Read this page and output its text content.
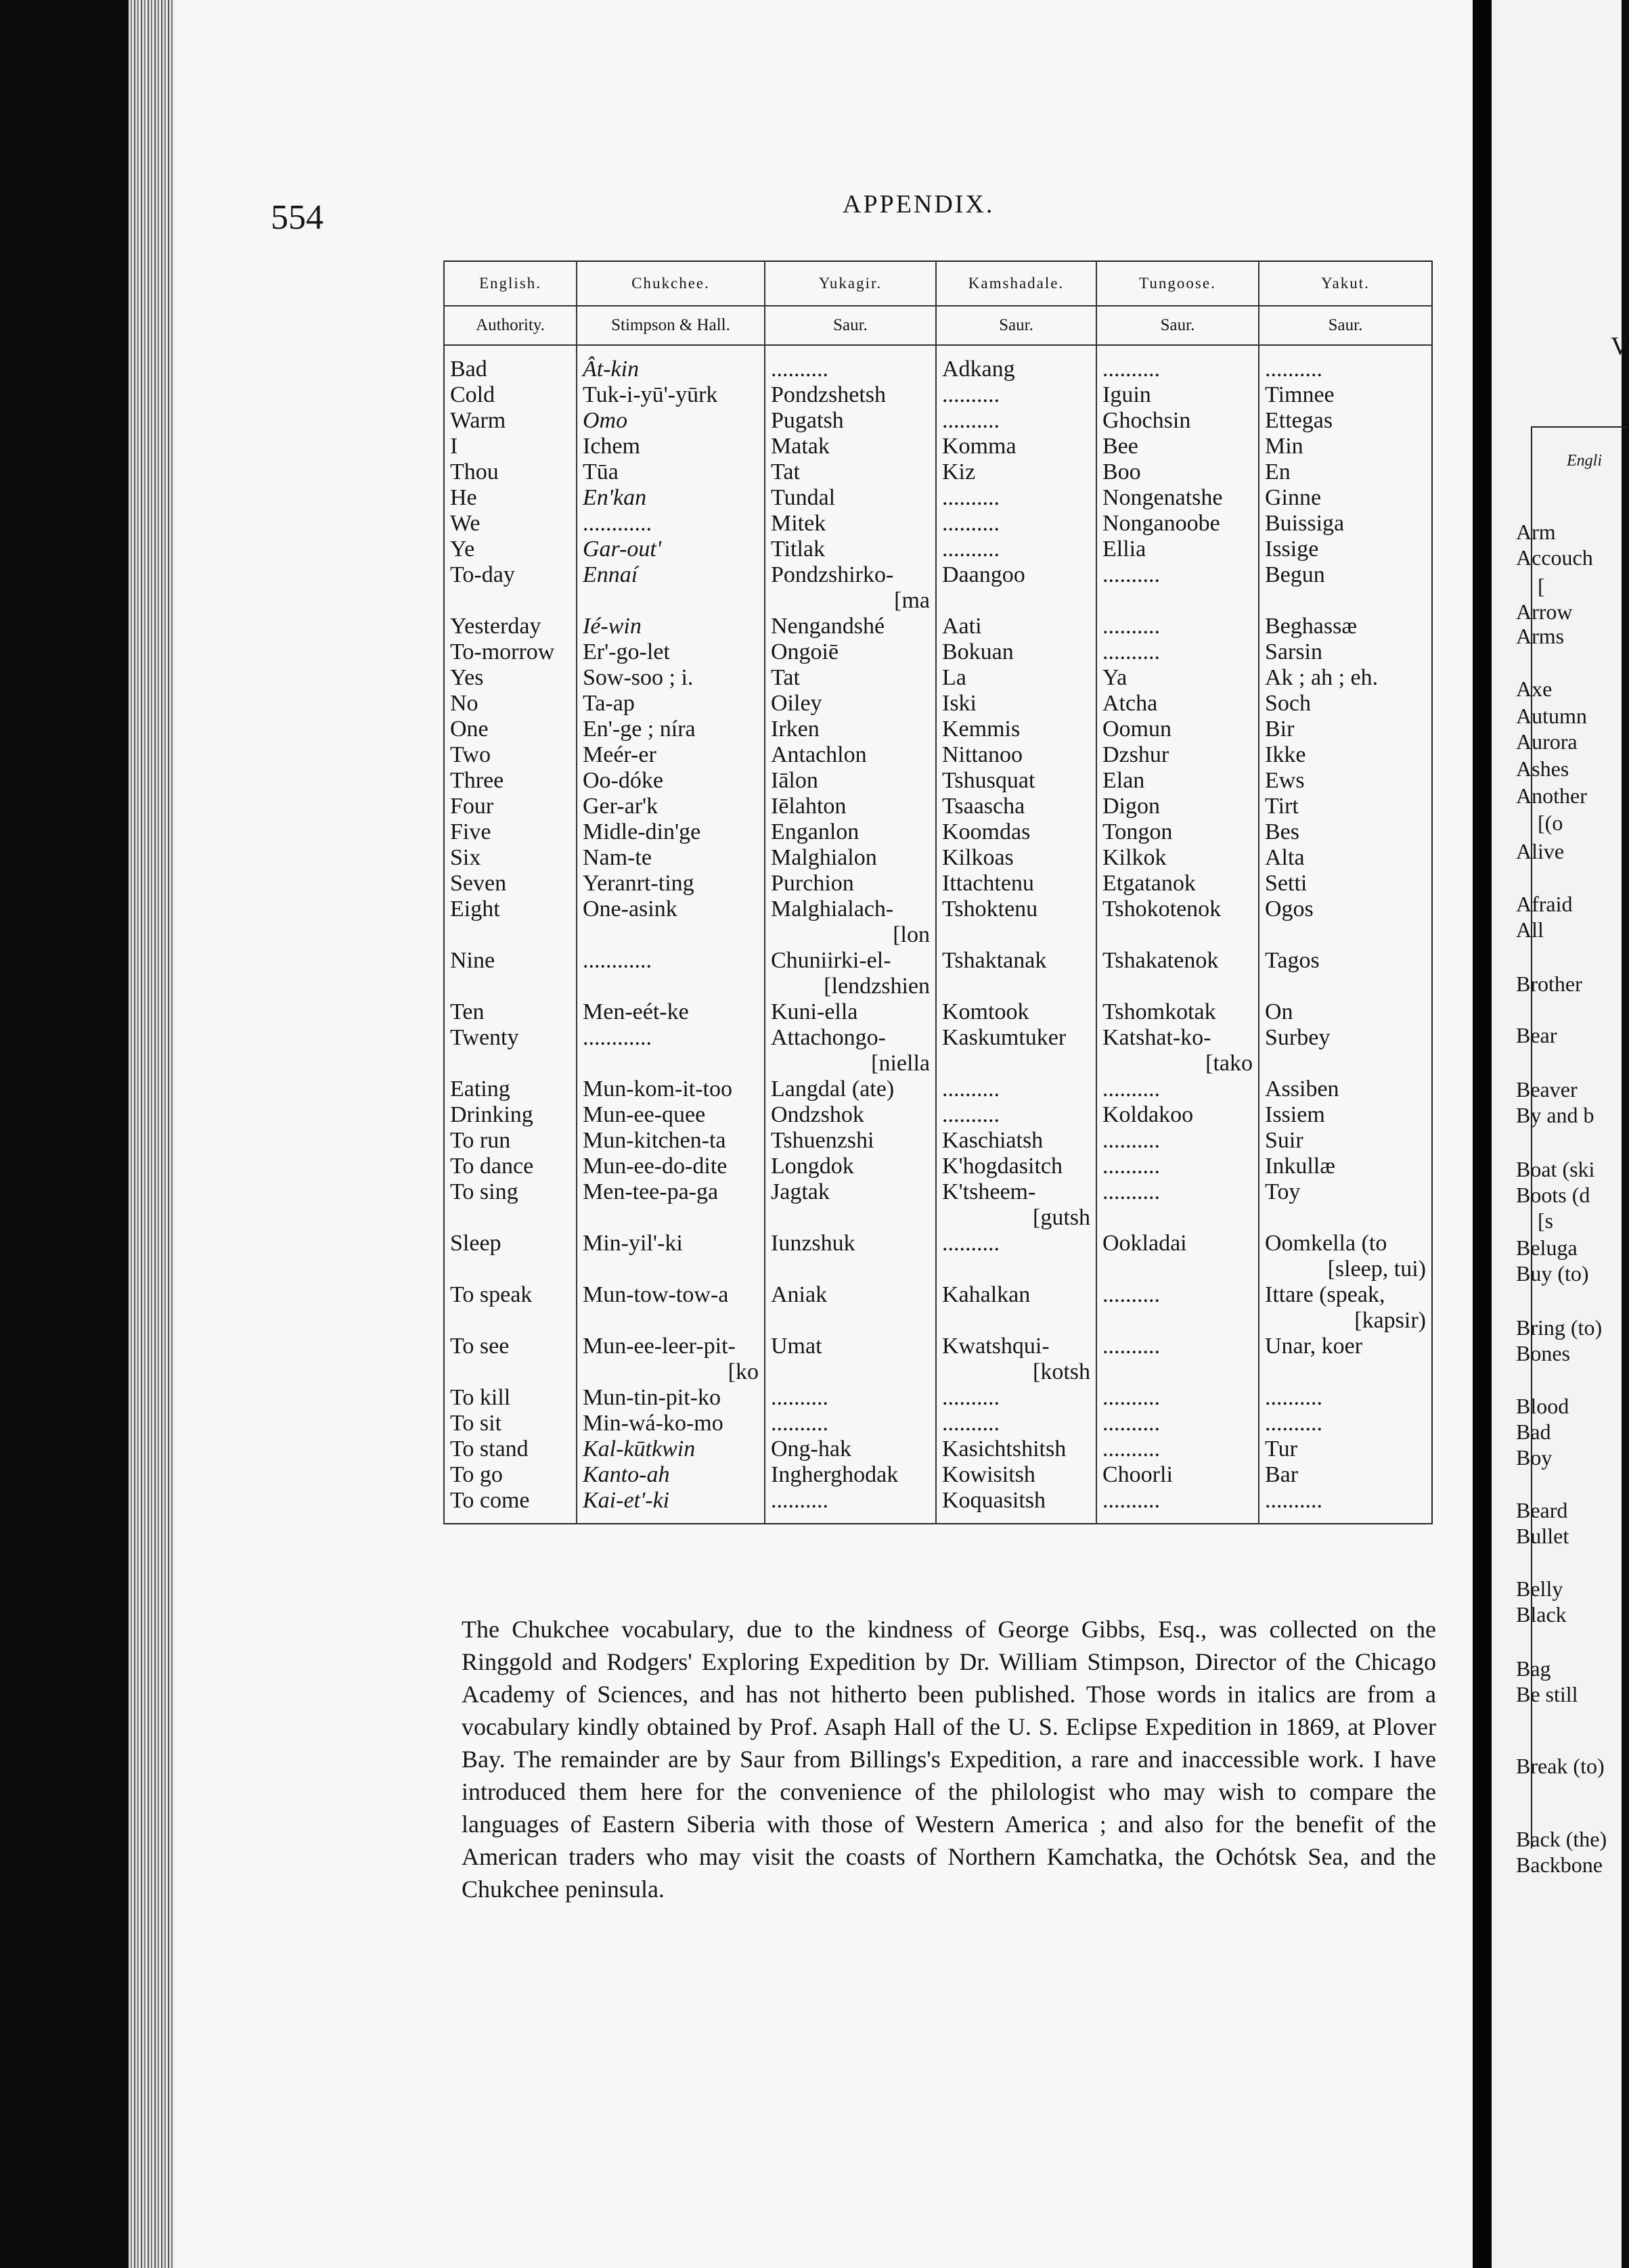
554	APPENDIX.
English.	Chukchee.	Yukagir.	Kamshadale.	Tungoose.	Yakut.
Authority.	Stimpson & Hall.	Saur.	Saur.	Saur.	Saur.
Bad	Ât-kin	..........	Adkang	..........	..........
Cold	Tuk-i-yū'-yūrk	Pondzshetsh	..........	Iguin	Timnee
Warm	Omo	Pugatsh	..........	Ghochsin	Ettegas
I	Ichem	Matak	Komma	Bee	Min
Thou	Tūa	Tat	Kiz	Boo	En
He	En'kan	Tundal	..........	Nongenatshe	Ginne
We	............	Mitek	..........	Nonganoobe	Buissiga
Ye	Gar-out'	Titlak	..........	Ellia	Issige
To-day	Ennaí	Pondzshirko-	Daangoo	..........	Begun
		[ma			
Yesterday	Ié-win	Nengandshé	Aati	..........	Beghassæ
To-morrow	Er'-go-let	Ongoiē	Bokuan	..........	Sarsin
Yes	Sow-soo ; i.	Tat	La	Ya	Ak ; ah ; eh.
No	Ta-ap	Oiley	Iski	Atcha	Soch
One	En'-ge ; níra	Irken	Kemmis	Oomun	Bir
Two	Meér-er	Antachlon	Nittanoo	Dzshur	Ikke
Three	Oo-dóke	Iālon	Tshusquat	Elan	Ews
Four	Ger-ar'k	Iēlahton	Tsaascha	Digon	Tirt
Five	Midle-din'ge	Enganlon	Koomdas	Tongon	Bes
Six	Nam-te	Malghialon	Kilkoas	Kilkok	Alta
Seven	Yeranrt-ting	Purchion	Ittachtenu	Etgatanok	Setti
Eight	One-asink	Malghialach-	Tshoktenu	Tshokotenok	Ogos
		[lon			
Nine	............	Chuniirki-el-	Tshaktanak	Tshakatenok	Tagos
		[lendzshien			
Ten	Men-eét-ke	Kuni-ella	Komtook	Tshomkotak	On
Twenty	............	Attachongo-	Kaskumtuker	Katshat-ko-	Surbey
		[niella		[tako	
Eating	Mun-kom-it-too	Langdal (ate)	..........	..........	Assiben
Drinking	Mun-ee-quee	Ondzshok	..........	Koldakoo	Issiem
To run	Mun-kitchen-ta	Tshuenzshi	Kaschiatsh	..........	Suir
To dance	Mun-ee-do-dite	Longdok	K'hogdasitch	..........	Inkullæ
To sing	Men-tee-pa-ga	Jagtak	K'tsheem-	..........	Toy
			[gutsh		
Sleep	Min-yil'-ki	Iunzshuk	..........	Ookladai	Oomkella (to
					[sleep, tui)
To speak	Mun-tow-tow-a	Aniak	Kahalkan	..........	Ittare (speak,
					[kapsir)
To see	Mun-ee-leer-pit-	Umat	Kwatshqui-	..........	Unar, koer
	[ko		[kotsh		
To kill	Mun-tin-pit-ko	..........	..........	..........	..........
To sit	Min-wá-ko-mo	..........	..........	..........	..........
To stand	Kal-kūtkwin	Ong-hak	Kasichtshitsh	..........	Tur
To go	Kanto-ah	Ingherghodak	Kowisitsh	Choorli	Bar
To come	Kai-et'-ki	..........	Koquasitsh	..........	..........

The Chukchee vocabulary, due to the kindness of George Gibbs, Esq., was collected on the Ringgold and Rodgers' Exploring Expedition by Dr. William Stimpson, Director of the Chicago Academy of Sciences, and has not hitherto been published. Those words in italics are from a vocabulary kindly obtained by Prof. Asaph Hall of the U. S. Eclipse Expedition in 1869, at Plover Bay. The remainder are by Saur from Billings's Expedition, a rare and inaccessible work. I have introduced them here for the convenience of the philologist who may wish to compare the languages of Eastern Siberia with those of Western America ; and also for the benefit of the American traders who may visit the coasts of Northern Kamchatka, the Ochótsk Sea, and the Chukchee peninsula.

V
Engli
Arm
Accouch
[
Arrow
Arms
Axe
Autumn
Aurora
Ashes
Another
[(o
Alive
Afraid
All
Brother
Bear
Beaver
By and b
Boat (ski
Boots (d
[s
Beluga
Buy (to)
Bring (to)
Bones
Blood
Bad
Boy
Beard
Bullet
Belly
Black
Bag
Be still
Break (to)
Back (the)
Backbone
